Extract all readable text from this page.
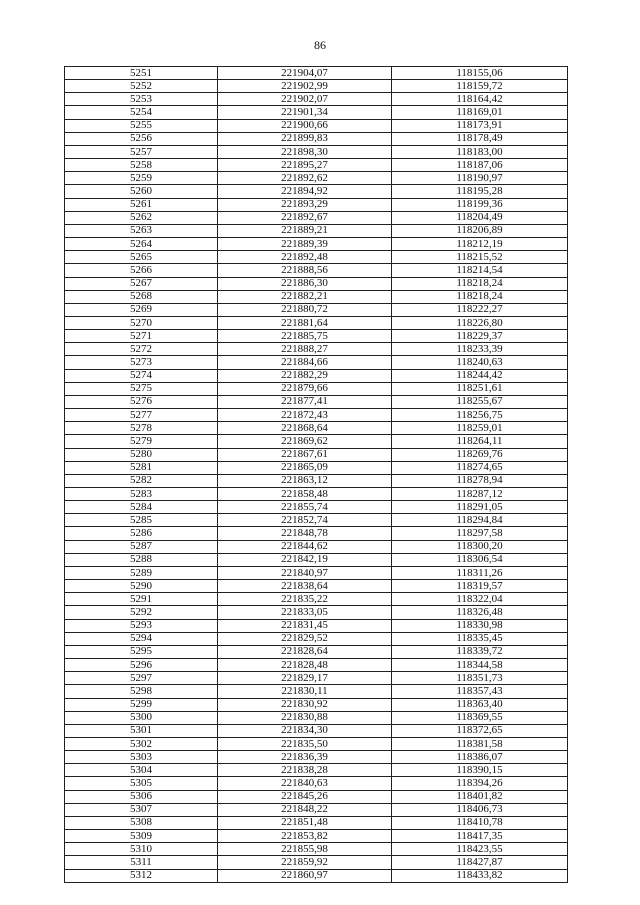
86
5251	221904,07	118155,06
5252	221902,99	118159,72
5253	221902,07	118164,42
5254	221901,34	118169,01
5255	221900,66	118173,91
5256	221899,83	118178,49
5257	221898,30	118183,00
5258	221895,27	118187,06
5259	221892,62	118190,97
5260	221894,92	118195,28
5261	221893,29	118199,36
5262	221892,67	118204,49
5263	221889,21	118206,89
5264	221889,39	118212,19
5265	221892,48	118215,52
5266	221888,56	118214,54
5267	221886,30	118218,24
5268	221882,21	118218,24
5269	221880,72	118222,27
5270	221881,64	118226,80
5271	221885,75	118229,37
5272	221888,27	118233,39
5273	221884,66	118240,63
5274	221882,29	118244,42
5275	221879,66	118251,61
5276	221877,41	118255,67
5277	221872,43	118256,75
5278	221868,64	118259,01
5279	221869,62	118264,11
5280	221867,61	118269,76
5281	221865,09	118274,65
5282	221863,12	118278,94
5283	221858,48	118287,12
5284	221855,74	118291,05
5285	221852,74	118294,84
5286	221848,78	118297,58
5287	221844,62	118300,20
5288	221842,19	118306,54
5289	221840,97	118311,26
5290	221838,64	118319,57
5291	221835,22	118322,04
5292	221833,05	118326,48
5293	221831,45	118330,98
5294	221829,52	118335,45
5295	221828,64	118339,72
5296	221828,48	118344,58
5297	221829,17	118351,73
5298	221830,11	118357,43
5299	221830,92	118363,40
5300	221830,88	118369,55
5301	221834,30	118372,65
5302	221835,50	118381,58
5303	221836,39	118386,07
5304	221838,28	118390,15
5305	221840,63	118394,26
5306	221845,26	118401,82
5307	221848,22	118406,73
5308	221851,48	118410,78
5309	221853,82	118417,35
5310	221855,98	118423,55
5311	221859,92	118427,87
5312	221860,97	118433,82
